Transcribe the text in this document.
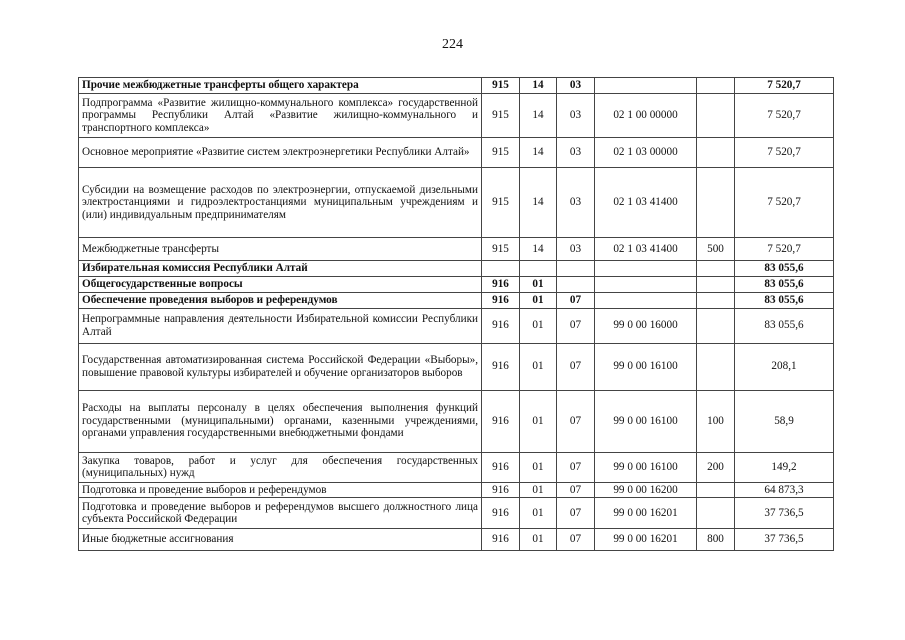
224
Прочие межбюджетные трансферты общего характера	915	14	03			7 520,7
Подпрограмма «Развитие жилищно-коммунального комплекса» государственной программы Республики Алтай «Развитие жилищно-коммунального и транспортного комплекса»	915	14	03	02 1 00 00000		7 520,7
Основное мероприятие «Развитие систем электроэнергетики Республики Алтай»	915	14	03	02 1 03 00000		7 520,7
Субсидии на возмещение расходов по электроэнергии, отпускаемой дизельными электростанциями и гидроэлектростанциями муниципальным учреждениям и (или) индивидуальным предпринимателям	915	14	03	02 1 03 41400		7 520,7
Межбюджетные трансферты	915	14	03	02 1 03 41400	500	7 520,7
Избирательная комиссия Республики Алтай						83 055,6
Общегосударственные вопросы	916	01				83 055,6
Обеспечение проведения выборов и референдумов	916	01	07			83 055,6
Непрограммные направления деятельности Избирательной комиссии Республики Алтай	916	01	07	99 0 00 16000		83 055,6
Государственная автоматизированная система Российской Федерации «Выборы», повышение правовой культуры избирателей и обучение организаторов выборов	916	01	07	99 0 00 16100		208,1
Расходы на выплаты персоналу в целях обеспечения выполнения функций государственными (муниципальными) органами, казенными учреждениями, органами управления государственными внебюджетными фондами	916	01	07	99 0 00 16100	100	58,9
Закупка товаров, работ и услуг для обеспечения государственных (муниципальных) нужд	916	01	07	99 0 00 16100	200	149,2
Подготовка и проведение выборов и референдумов	916	01	07	99 0 00 16200		64 873,3
Подготовка и проведение выборов и референдумов высшего должностного лица субъекта Российской Федерации	916	01	07	99 0 00 16201		37 736,5
Иные бюджетные ассигнования	916	01	07	99 0 00 16201	800	37 736,5
